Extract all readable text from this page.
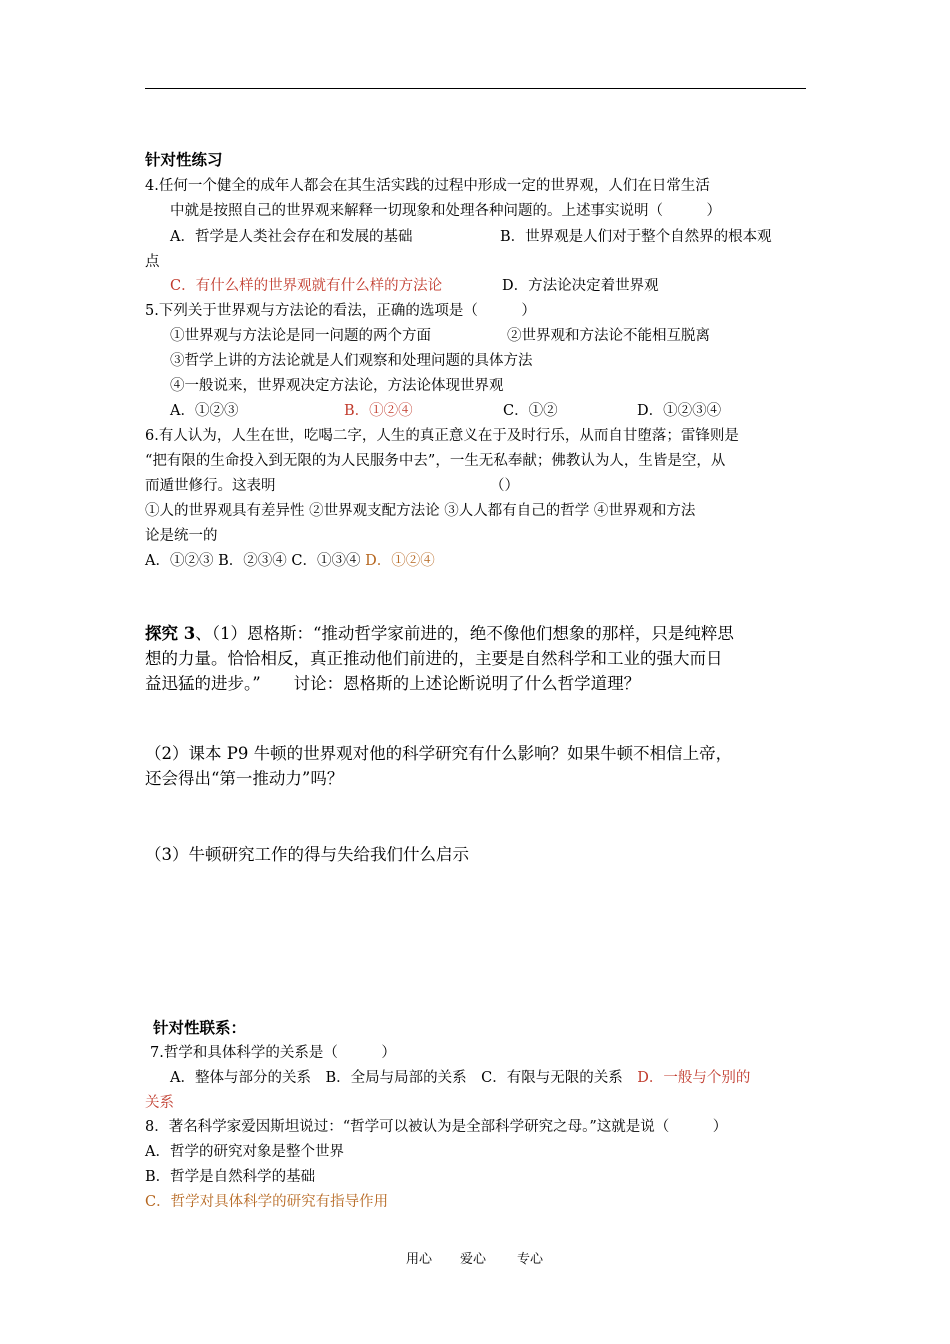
针对性练习
4.任何一个健全的成年人都会在其生活实践的过程中形成一定的世界观，人们在日常生活
中就是按照自己的世界观来解释一切现象和处理各种问题的。上述事实说明（　　　）
A．哲学是人类社会存在和发展的基础	B．世界观是人们对于整个自然界的根本观
点
C．有什么样的世界观就有什么样的方法论	D．方法论决定着世界观
5.下列关于世界观与方法论的看法，正确的选项是（　　　）
①世界观与方法论是同一问题的两个方面	②世界观和方法论不能相互脱离
③哲学上讲的方法论就是人们观察和处理问题的具体方法
④一般说来，世界观决定方法论，方法论体现世界观
A．①②③	B．①②④	C．①②	D．①②③④
6.有人认为，人生在世，吃喝二字，人生的真正意义在于及时行乐，从而自甘堕落；雷锋则是
“把有限的生命投入到无限的为人民服务中去”，一生无私奉献；佛教认为人，生皆是空，从
而遁世修行。这表明	（）
①人的世界观具有差异性 ②世界观支配方法论 ③人人都有自己的哲学 ④世界观和方法
论是统一的
A．①②③ B．②③④ C．①③④ D．①②④
探究 3、（1）恩格斯：“推动哲学家前进的，绝不像他们想象的那样，只是纯粹思
想的力量。恰恰相反，真正推动他们前进的，主要是自然科学和工业的强大而日
益迅猛的进步。”　　讨论：恩格斯的上述论断说明了什么哲学道理？
（2）课本 P9 牛顿的世界观对他的科学研究有什么影响？如果牛顿不相信上帝，
还会得出“第一推动力”吗？
（3）牛顿研究工作的得与失给我们什么启示
针对性联系：
7.哲学和具体科学的关系是（　　　）
A．整体与部分的关系　B．全局与局部的关系　C．有限与无限的关系　D．一般与个别的
关系
8．著名科学家爱因斯坦说过：“哲学可以被认为是全部科学研究之母。”这就是说（　　　）
A．哲学的研究对象是整个世界
B．哲学是自然科学的基础
C．哲学对具体科学的研究有指导作用
用心 爱心 专心
